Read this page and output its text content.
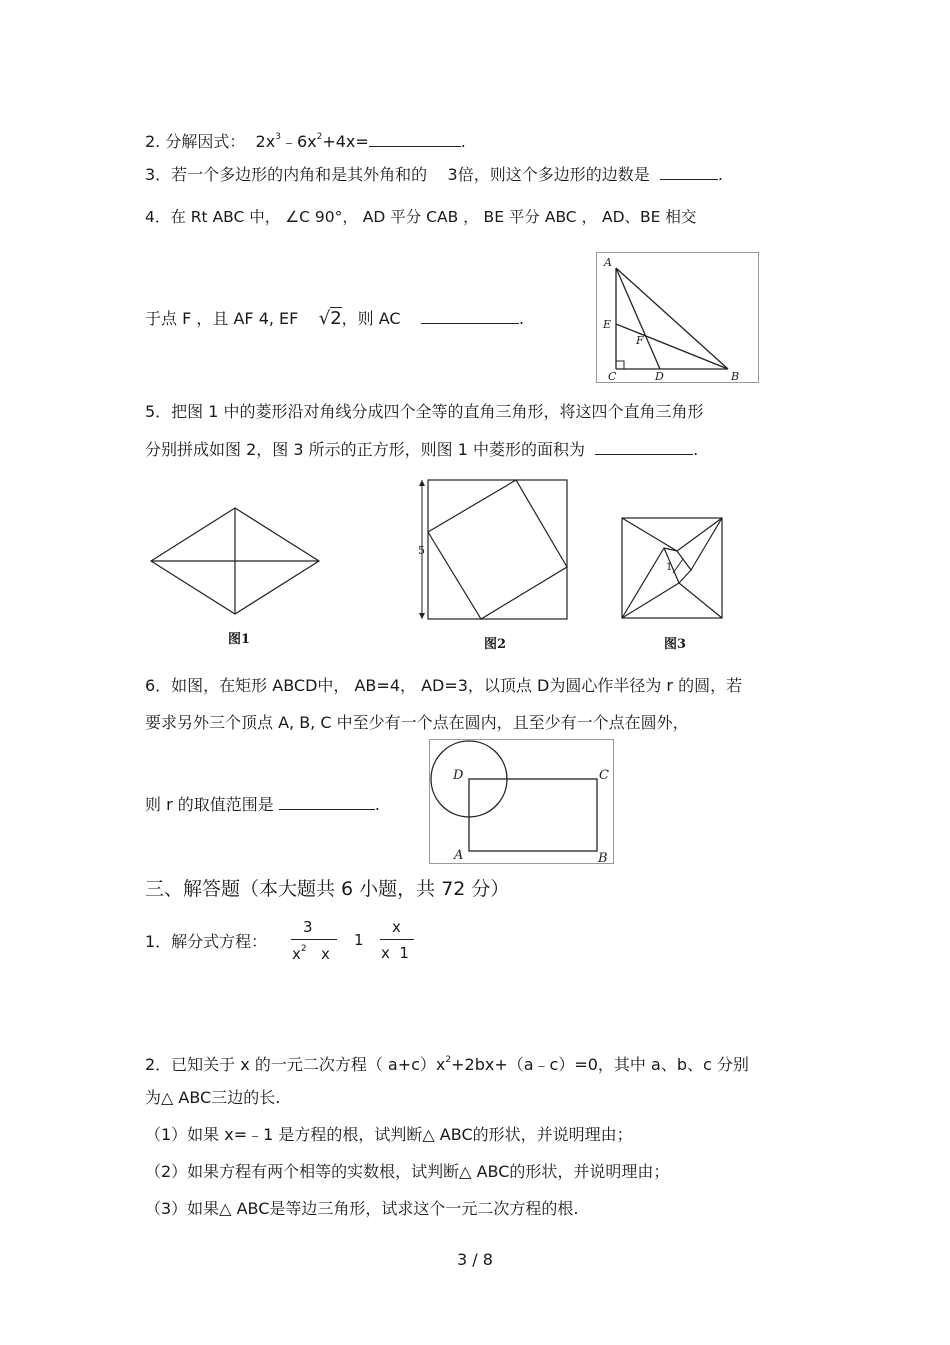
2. 分解因式： $2x^3﹣6x^2+4x=$	.
3．若一个多边形的内角和是其外角和的 3倍，则这个多边形的边数是	.
4．在 Rt ABC 中， ∠C 90°， AD 平分 CAB ， BE 平分 ABC ， AD、BE 相交
于点 F ，且 AF 4, EF √2，则 AC	.
A
E
F
C	D	B
5．把图 1 中的菱形沿对角线分成四个全等的直角三角形，将这四个直角三角形
分别拼成如图 2，图 3 所示的正方形，则图 1 中菱形的面积为	.
图1
5
图2
1
图3
6．如图，在矩形 ABCD中， AB=4， AD=3，以顶点 D为圆心作半径为 r 的圆，若
要求另外三个顶点 A, B, C 中至少有一个点在圆内，且至少有一个点在圆外，
则 r 的取值范围是	.
D	C
A	B
三、解答题（本大题共 6 小题，共 72 分）
1．解分式方程：
3
$x^2$ x
1
x
x  1
2．已知关于 x 的一元二次方程（ $a+c)x^2+2bx+(a﹣c)=0$，其中 a、b、c 分别
为△ ABC三边的长.
（1）如果 x=﹣1 是方程的根，试判断△ ABC的形状，并说明理由；
（2）如果方程有两个相等的实数根，试判断△ ABC的形状，并说明理由；
（3）如果△ ABC是等边三角形，试求这个一元二次方程的根.
3 / 8
